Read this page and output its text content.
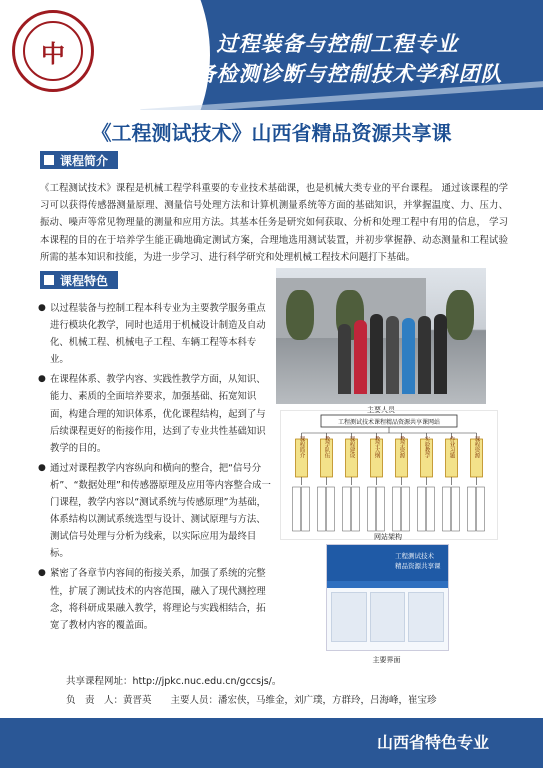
中	过程装备与控制工程专业
装备检测诊断与控制技术学科团队
《工程测试技术》山西省精品资源共享课
课程简介
《工程测试技术》课程是机械工程学科重要的专业技术基础课，也是机械大类专业的平台课程。 通过该课程的学习可以获得传感器测量原理、测量信号处理方法和计算机测量系统等方面的基础知识，并掌握温度、力、压力、振动、噪声等常见物理量的测量和应用方法。其基本任务是研究如何获取、分析和处理工程中有用的信息， 学习本课程的目的在于培养学生能正确地确定测试方案，合理地选用测试装置，并初步掌握静、动态测量和工程试验所需的基本知识和技能，为进一步学习、进行科学研究和处理机械工程技术问题打下基础。
课程特色
● 以过程装备与控制工程本科专业为主要教学服务重点进行模块化教学，同时也适用于机械设计制造及自动化、机械工程、机械电子工程、车辆工程等本科专业。
● 在课程体系、教学内容、实践性教学方面，从知识、能力、素质的全面培养要求，加强基础、拓宽知识面，构建合理的知识体系，优化课程结构，起到了与后续课程更好的衔接作用，达到了专业共性基础知识教学的目的。
● 通过对课程教学内容纵向和横向的整合，把“信号分析”、“数据处理”和传感器原理及应用等内容整合成一门课程，教学内容以“测试系统与传感原理”为基础，体系结构以测试系统选型与设计、测试原理与方法、测试信号处理与分析为线索，以实际应用为最终目标。
● 紧密了各章节内容间的衔接关系，加强了系统的完整性，扩展了测试技术的内容范围，融入了现代测控理念，将科研成果融入教学，将理论与实践相结合，拓宽了教材内容的覆盖面。
主要人员
工程测试技术课程精品资源共享课网站
课程简介	教学队伍	课程建设	教学大纲	教学资源	实验教学	作业习题	课程资源
网站架构
工程测试技术
精品资源共享课
主要界面
共享课程网址：http://jpkc.nuc.edu.cn/gccsjs/。
负　责　人：黄晋英　　主要人员：潘宏侠，马维金，刘广璞，方群玲，吕海峰，崔宝珍
山西省特色专业
